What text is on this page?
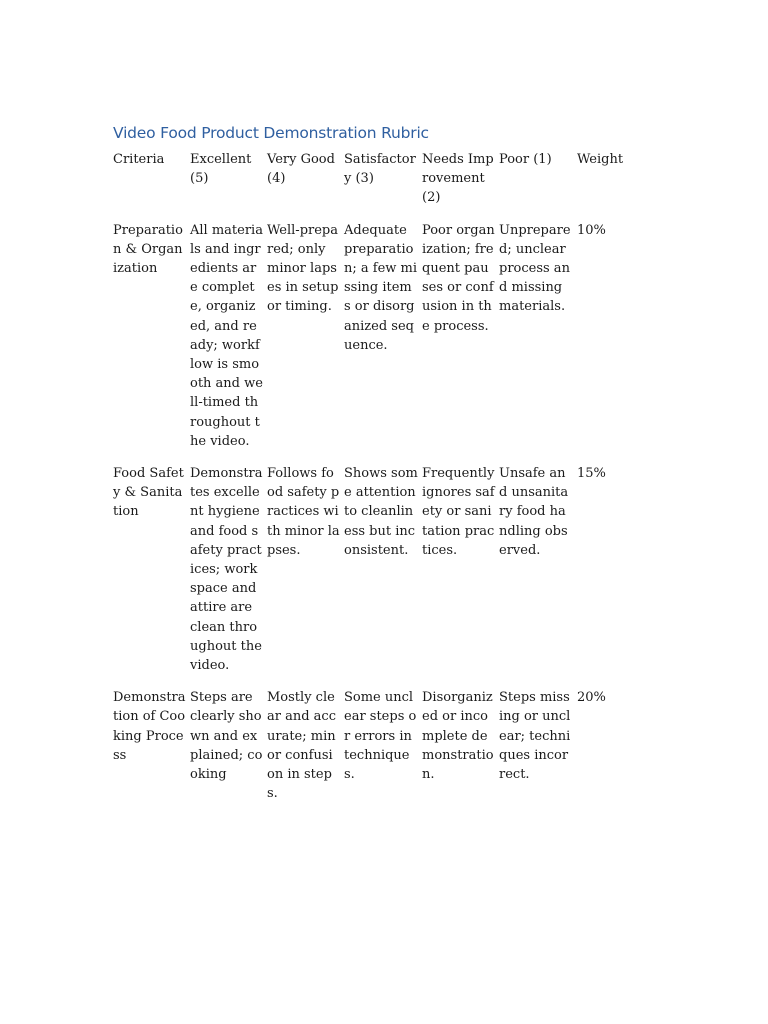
Video Food Product Demonstration Rubric
Criteria	Excellent (5)	Very Good (4)	Satisfactory (3)	Needs Improvement (2)	Poor (1)	Weight
Preparation & Organization	All materials and ingredients are complete, organized, and ready; workflow is smooth and well-timed throughout the video.	Well-prepared; only minor lapses in setup or timing.	Adequate preparation; a few missing items or disorganized sequence.	Poor organization; frequent pauses or confusion in the process.	Unprepared; unclear process and missing materials.	10%
Food Safety & Sanitation	Demonstrates excellent hygiene and food safety practices; workspace and attire are clean throughout the video.	Follows food safety practices with minor lapses.	Shows some attention to cleanliness but inconsistent.	Frequently ignores safety or sanitation practices.	Unsafe and unsanitary food handling observed.	15%
Demonstration of Cooking Process	Steps are clearly shown and explained; cooking	Mostly clear and accurate; minor confusion in steps.	Some unclear steps or errors in techniques.	Disorganized or incomplete demonstration.	Steps missing or unclear; techniques incorrect.	20%
